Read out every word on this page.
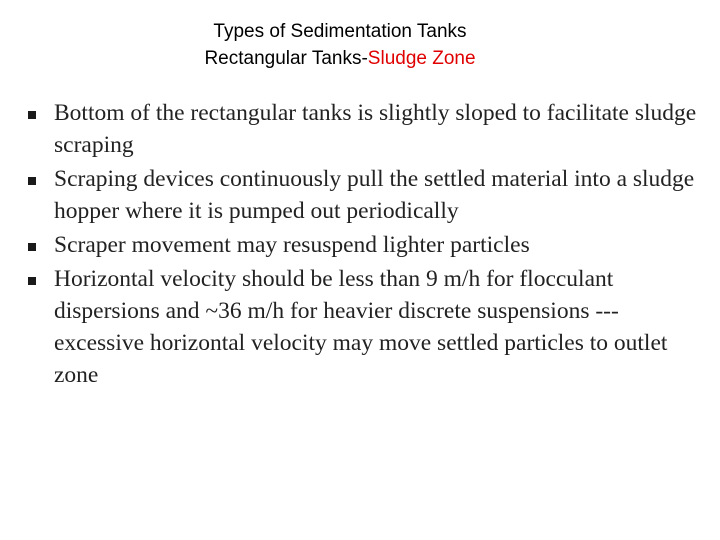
Types of Sedimentation Tanks
Rectangular Tanks-Sludge Zone
Bottom of the rectangular tanks is slightly sloped to facilitate sludge scraping
Scraping devices continuously pull the settled material into a sludge hopper where it is pumped out periodically
Scraper movement may resuspend lighter particles
Horizontal velocity should be less than 9 m/h for flocculant dispersions and ~36 m/h for heavier discrete suspensions --- excessive horizontal velocity may move settled particles to outlet zone
